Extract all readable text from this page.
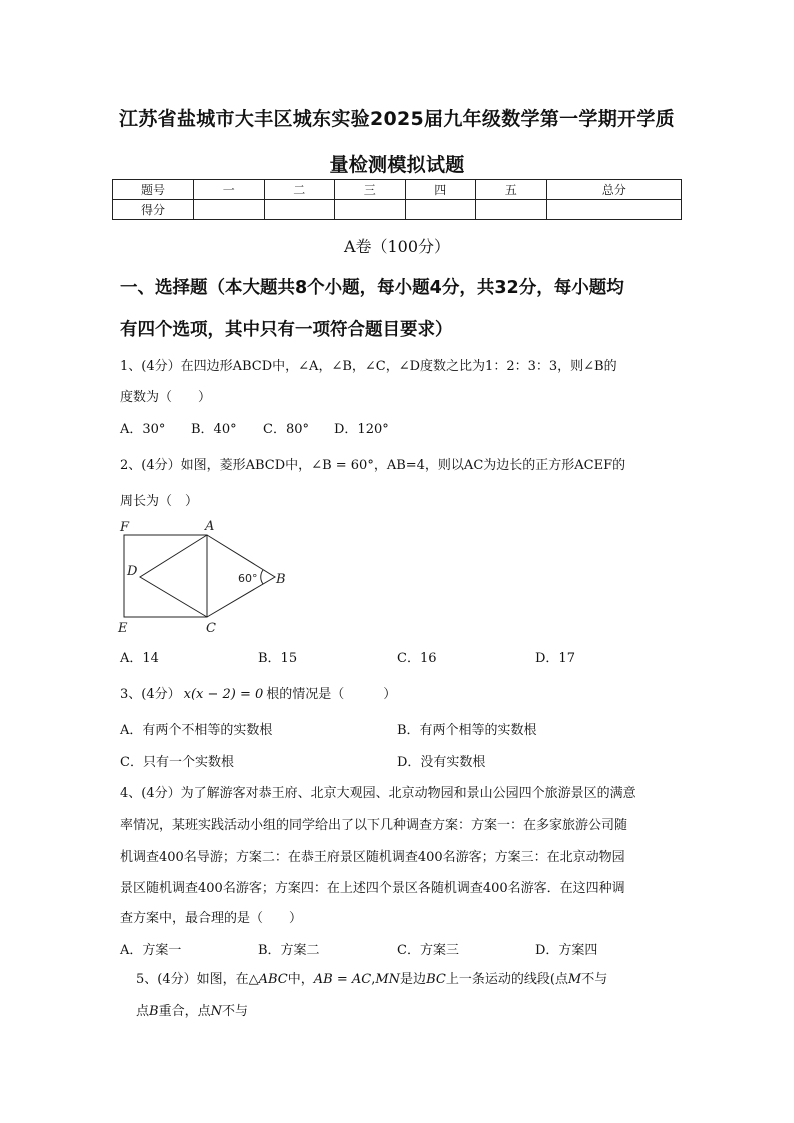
江苏省盐城市大丰区城东实验2025届九年级数学第一学期开学质
量检测模拟试题
题号	一	二	三	四	五	总分
得分						
A卷（100分）
一、选择题（本大题共8个小题，每小题4分，共32分，每小题均
有四个选项，其中只有一项符合题目要求）
1、(4分）在四边形ABCD中，∠A，∠B，∠C，∠D度数之比为1：2：3：3，则∠B的
度数为（　　）
A．30° B．40° C．80° D．120°
2、(4分）如图，菱形ABCD中，∠B = 60°，AB=4，则以AC为边长的正方形ACEF的
周长为（　）
F	A
D
B
E	C
60°
A．14	B．15	C．16	D．17
3、(4分） x(x − 2) = 0 根的情况是（　　　）
A．有两个不相等的实数根	B．有两个相等的实数根
C．只有一个实数根	D．没有实数根
4、(4分）为了解游客对恭王府、北京大观园、北京动物园和景山公园四个旅游景区的满意
率情况，某班实践活动小组的同学给出了以下几种调查方案：方案一：在多家旅游公司随
机调查400名导游；方案二：在恭王府景区随机调查400名游客；方案三：在北京动物园
景区随机调查400名游客；方案四：在上述四个景区各随机调查400名游客．在这四种调
查方案中，最合理的是（　　）
A．方案一	B．方案二	C．方案三	D．方案四
5、(4分）如图，在△ABC中，AB = AC,MN是边BC上一条运动的线段(点M不与
点B重合，点N不与
